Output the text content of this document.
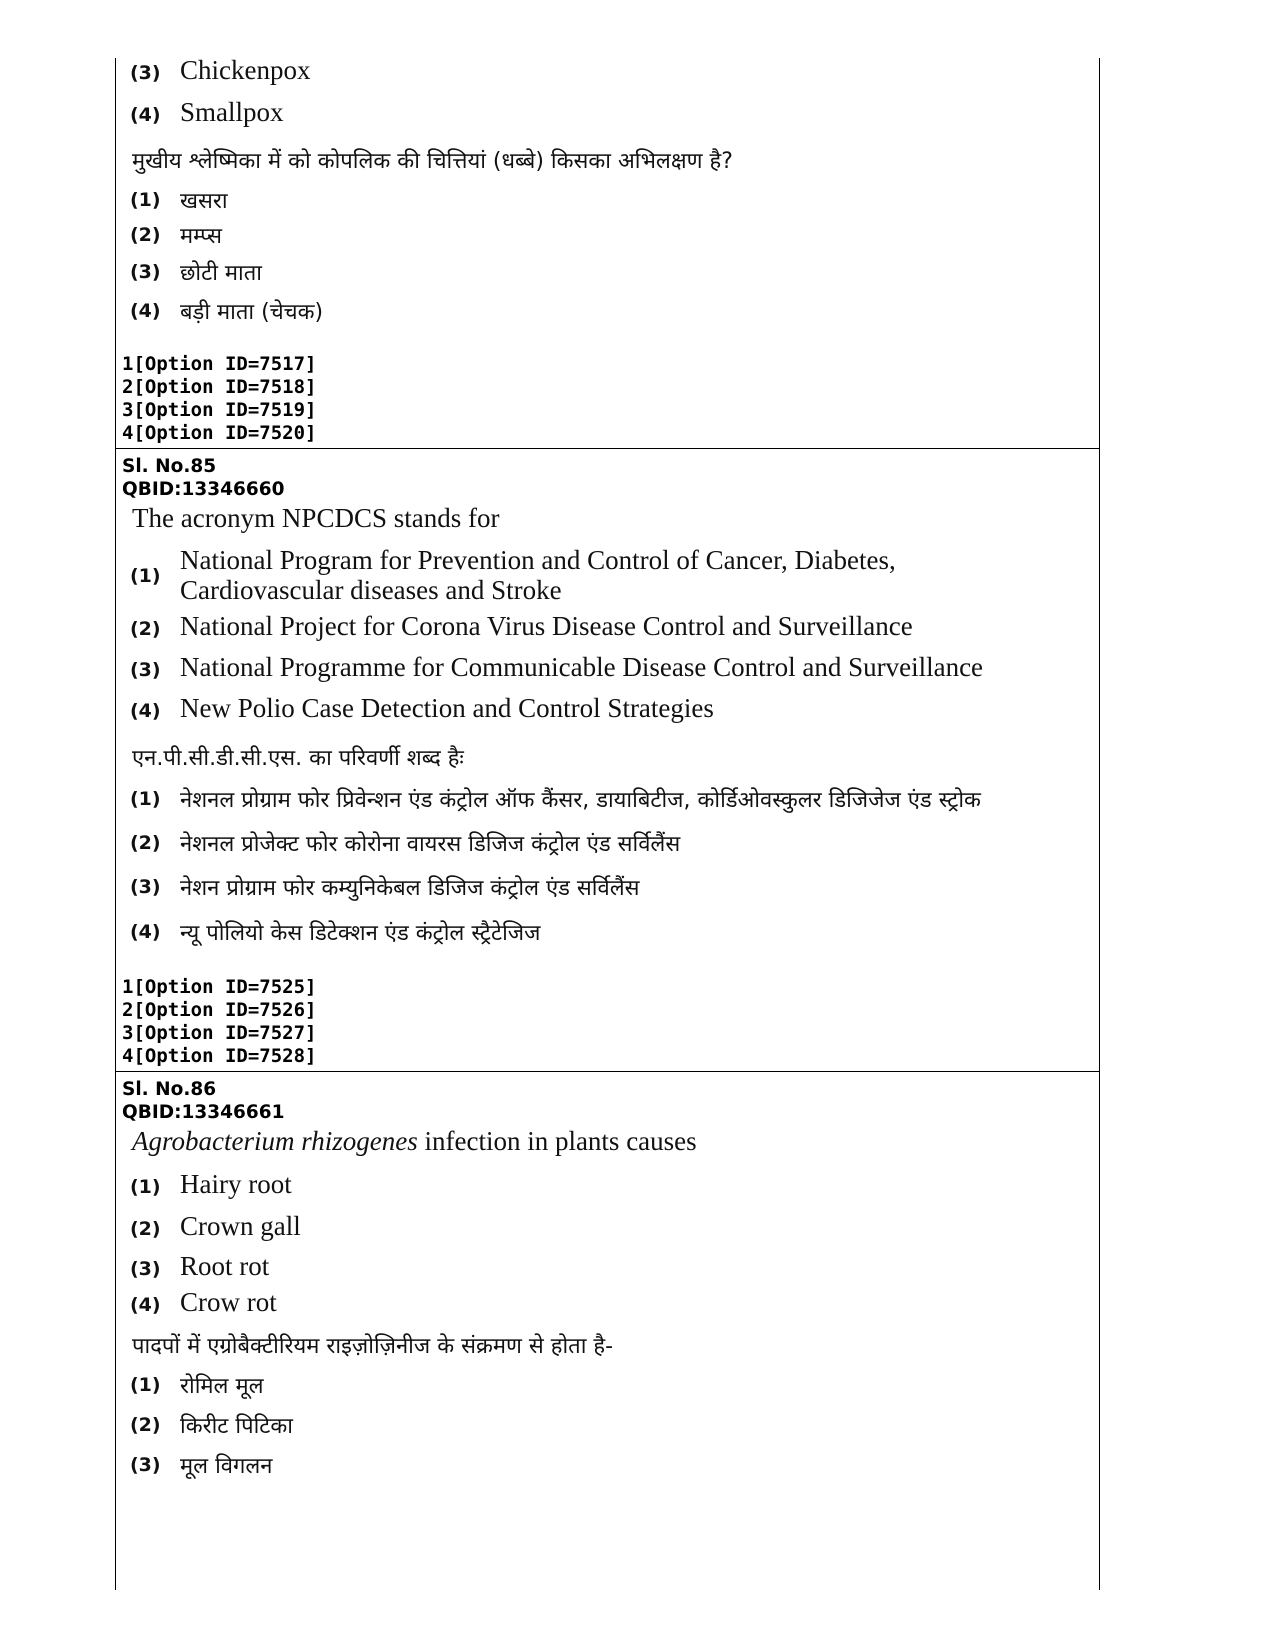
(3) Chickenpox
(4) Smallpox
मुखीय श्लेष्मिका में को कोपलिक की चित्तियां (धब्बे) किसका अभिलक्षण है?
(1) खसरा
(2) मम्प्स
(3) छोटी माता
(4) बड़ी माता (चेचक)
1[Option ID=7517]
2[Option ID=7518]
3[Option ID=7519]
4[Option ID=7520]
Sl. No.85
QBID:13346660
The acronym NPCDCS stands for
(1)
National Program for Prevention and Control of Cancer, Diabetes,
Cardiovascular diseases and Stroke
(2) National Project for Corona Virus Disease Control and Surveillance
(3) National Programme for Communicable Disease Control and Surveillance
(4) New Polio Case Detection and Control Strategies
एन.पी.सी.डी.सी.एस. का परिवर्णी शब्द हैः
(1) नेशनल प्रोग्राम फोर प्रिवेन्शन एंड कंट्रोल ऑफ कैंसर, डायाबिटीज, कोर्डिओवस्कुलर डिजिजेज एंड स्ट्रोक
(2) नेशनल प्रोजेक्ट फोर कोरोना वायरस डिजिज कंट्रोल एंड सर्विलैंस
(3) नेशन प्रोग्राम फोर कम्युनिकेबल डिजिज कंट्रोल एंड सर्विलैंस
(4) न्यू पोलियो केस डिटेक्शन एंड कंट्रोल स्ट्रैटेजिज
1[Option ID=7525]
2[Option ID=7526]
3[Option ID=7527]
4[Option ID=7528]
Sl. No.86
QBID:13346661
Agrobacterium rhizogenes infection in plants causes
(1) Hairy root
(2) Crown gall
(3) Root rot
(4) Crow rot
पादपों में एग्रोबैक्टीरियम राइज़ोज़िनीज के संक्रमण से होता है-
(1) रोमिल मूल
(2) किरीट पिटिका
(3) मूल विगलन
